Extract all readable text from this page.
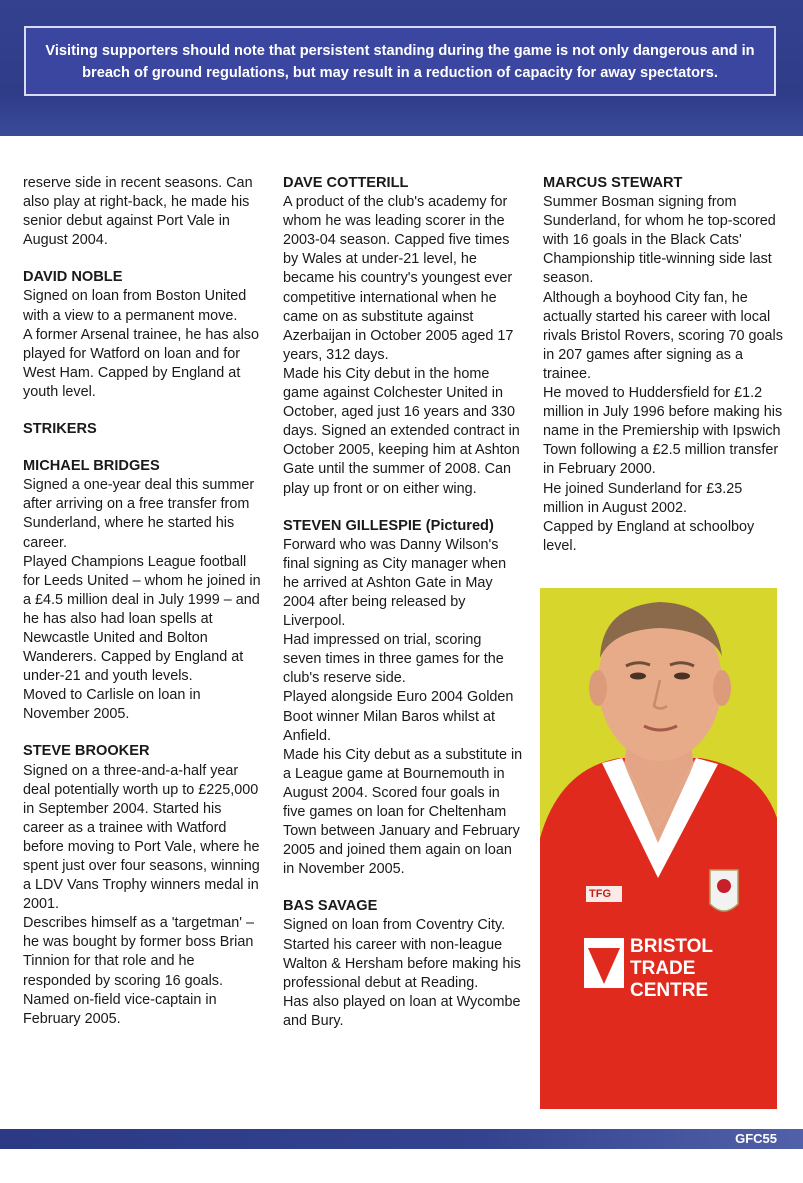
Visiting supporters should note that persistent standing during the game is not only dangerous and in breach of ground regulations, but may result in a reduction of capacity for away spectators.

reserve side in recent seasons. Can also play at right-back, he made his senior debut against Port Vale in August 2004.

DAVID NOBLE

Signed on loan from Boston United with a view to a permanent move.

A former Arsenal trainee, he has also played for Watford on loan and for West Ham. Capped by England at youth level.

STRIKERS

MICHAEL BRIDGES

Signed a one-year deal this summer after arriving on a free transfer from Sunderland, where he started his career.

Played Champions League football for Leeds United – whom he joined in a £4.5 million deal in July 1999 – and he has also had loan spells at Newcastle United and Bolton Wanderers. Capped by England at under-21 and youth levels.

Moved to Carlisle on loan in November 2005.

STEVE BROOKER

Signed on a three-and-a-half year deal potentially worth up to £225,000 in September 2004. Started his career as a trainee with Watford before moving to Port Vale, where he spent just over four seasons, winning a LDV Vans Trophy winners medal in 2001.

Describes himself as a 'targetman' – he was bought by former boss Brian Tinnion for that role and he responded by scoring 16 goals. Named on-field vice-captain in February 2005.

DAVE COTTERILL

A product of the club's academy for whom he was leading scorer in the 2003-04 season. Capped five times by Wales at under-21 level, he became his country's youngest ever competitive international when he came on as substitute against Azerbaijan in October 2005 aged 17 years, 312 days.

Made his City debut in the home game against Colchester United in October, aged just 16 years and 330 days. Signed an extended contract in October 2005, keeping him at Ashton Gate until the summer of 2008. Can play up front or on either wing.

STEVEN GILLESPIE (Pictured)

Forward who was Danny Wilson's final signing as City manager when he arrived at Ashton Gate in May 2004 after being released by Liverpool.

Had impressed on trial, scoring seven times in three games for the club's reserve side.

Played alongside Euro 2004 Golden Boot winner Milan Baros whilst at Anfield.

Made his City debut as a substitute in a League game at Bournemouth in August 2004. Scored four goals in five games on loan for Cheltenham Town between January and February 2005 and joined them again on loan in November 2005.

BAS SAVAGE

Signed on loan from Coventry City. Started his career with non-league Walton & Hersham before making his professional debut at Reading.

Has also played on loan at Wycombe and Bury.

MARCUS STEWART

Summer Bosman signing from Sunderland, for whom he top-scored with 16 goals in the Black Cats' Championship title-winning side last season.

Although a boyhood City fan, he actually started his career with local rivals Bristol Rovers, scoring 70 goals in 207 games after signing as a trainee.

He moved to Huddersfield for £1.2 million in July 1996 before making his name in the Premiership with Ipswich Town following a £2.5 million transfer in February 2000.

He joined Sunderland for £3.25 million in August 2002.

Capped by England at schoolboy level.

TFG
BRISTOL
TRADE
CENTRE
GFC55
